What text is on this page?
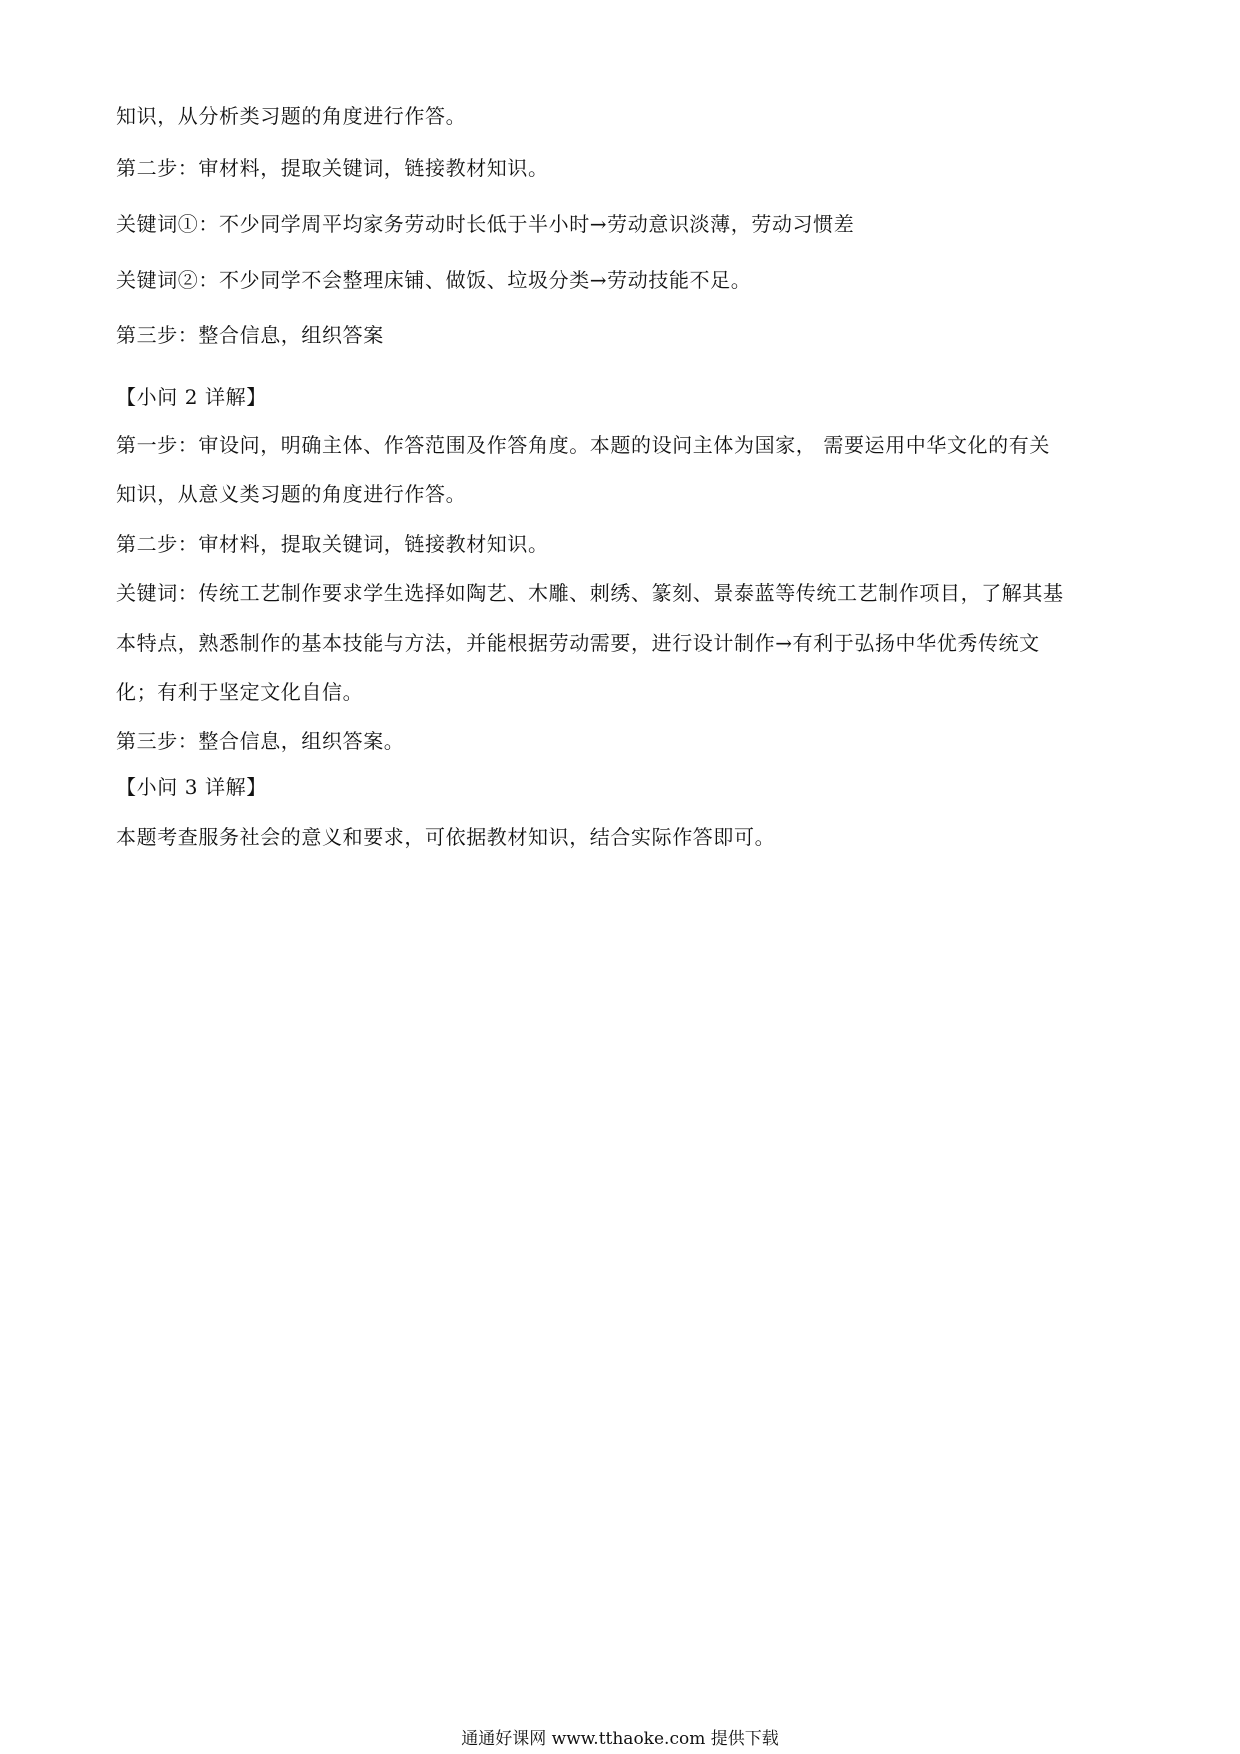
知识，从分析类习题的角度进行作答。
第二步：审材料，提取关键词，链接教材知识。
关键词①：不少同学周平均家务劳动时长低于半小时→劳动意识淡薄，劳动习惯差
关键词②：不少同学不会整理床铺、做饭、垃圾分类→劳动技能不足。
第三步：整合信息，组织答案
【小问 2 详解】
第一步：审设问，明确主体、作答范围及作答角度。本题的设问主体为国家， 需要运用中华文化的有关
知识，从意义类习题的角度进行作答。
第二步：审材料，提取关键词，链接教材知识。
关键词：传统工艺制作要求学生选择如陶艺、木雕、刺绣、篆刻、景泰蓝等传统工艺制作项目，了解其基
本特点，熟悉制作的基本技能与方法，并能根据劳动需要，进行设计制作→有利于弘扬中华优秀传统文
化；有利于坚定文化自信。
第三步：整合信息，组织答案。
【小问 3 详解】
本题考查服务社会的意义和要求，可依据教材知识，结合实际作答即可。
通通好课网 www.tthaoke.com 提供下载
